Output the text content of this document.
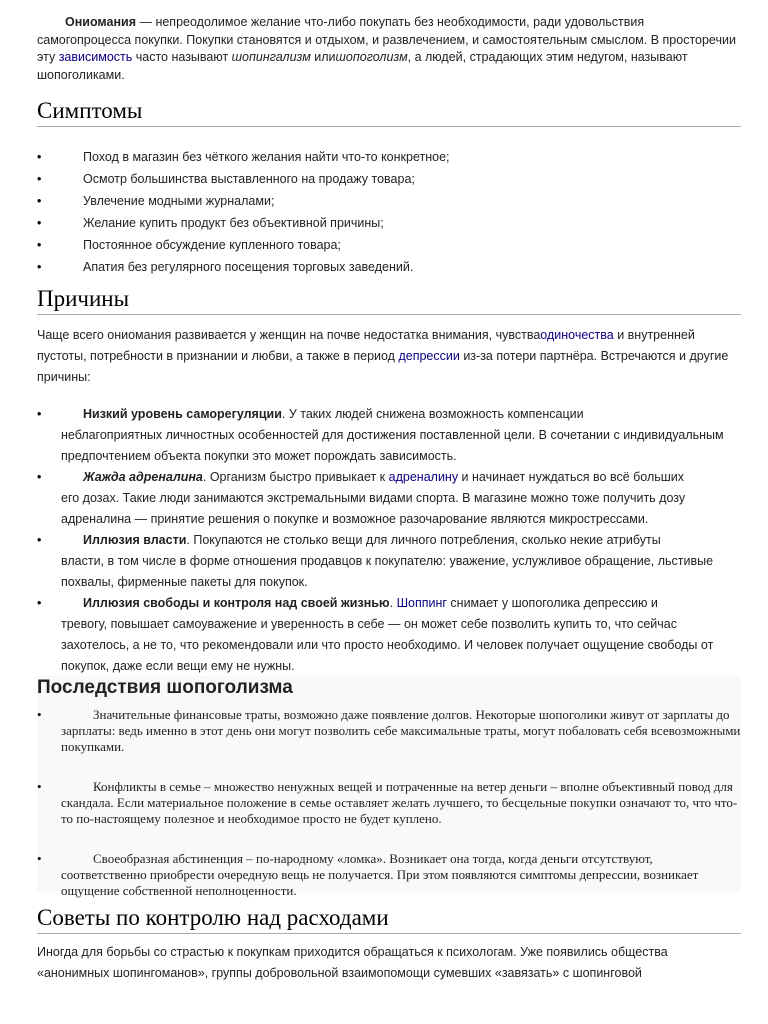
Ониомания — непреодолимое желание что-либо покупать без необходимости, ради удовольствия самогопроцесса покупки. Покупки становятся и отдыхом, и развлечением, и самостоятельным смыслом. В просторечии эту зависимость часто называют шопингализм илишопоголизм, а людей, страдающих этим недугом, называют шопоголиками.

Симптомы
• Поход в магазин без чёткого желания найти что-то конкретное;
• Осмотр большинства выставленного на продажу товара;
• Увлечение модными журналами;
• Желание купить продукт без объективной причины;
• Постоянное обсуждение купленного товара;
• Апатия без регулярного посещения торговых заведений.
Причины

Чаще всего ониомания развивается у женщин на почве недостатка внимания, чувстваодиночества и внутренней пустоты, потребности в признании и любви, а также в период депрессии из-за потери партнёра. Встречаются и другие причины:

• Низкий уровень саморегуляции. У таких людей снижена возможность компенсации
неблагоприятных личностных особенностей для достижения поставленной цели. В сочетании с индивидуальным предпочтением объекта покупки это может порождать зависимость.
• Жажда адреналина. Организм быстро привыкает к адреналину и начинает нуждаться во всё больших
его дозах. Такие люди занимаются экстремальными видами спорта. В магазине можно тоже получить дозу адреналина — принятие решения о покупке и возможное разочарование являются микрострессами.
• Иллюзия власти. Покупаются не столько вещи для личного потребления, сколько некие атрибуты
власти, в том числе в форме отношения продавцов к покупателю: уважение, услужливое обращение, льстивые похвалы, фирменные пакеты для покупок.
• Иллюзия свободы и контроля над своей жизнью. Шоппинг снимает у шопоголика депрессию и
тревогу, повышает самоуважение и уверенность в себе — он может себе позволить купить то, что сейчас захотелось, а не то, что рекомендовали или что просто необходимо. И человек получает ощущение свободы от покупок, даже если вещи ему не нужны.
Последствия шопоголизма
• Значительные финансовые траты, возможно даже появление долгов. Некоторые шопоголики живут от зарплаты до зарплаты: ведь именно в этот день они могут позволить себе максимальные траты, могут побаловать себя всевозможными покупками.
• Конфликты в семье – множество ненужных вещей и потраченные на ветер деньги – вполне объективный повод для скандала. Если материальное положение в семье оставляет желать лучшего, то бесцельные покупки означают то, что что-то по-настоящему полезное и необходимое просто не будет куплено.
• Своеобразная абстиненция – по-народному «ломка». Возникает она тогда, когда деньги отсутствуют, соответственно приобрести очередную вещь не получается. При этом появляются симптомы депрессии, возникает ощущение собственной неполноценности.
Советы по контролю над расходами

Иногда для борьбы со страстью к покупкам приходится обращаться к психологам. Уже появились общества «анонимных шопингоманов», группы добровольной взаимопомощи сумевших «завязать» с шопинговой
